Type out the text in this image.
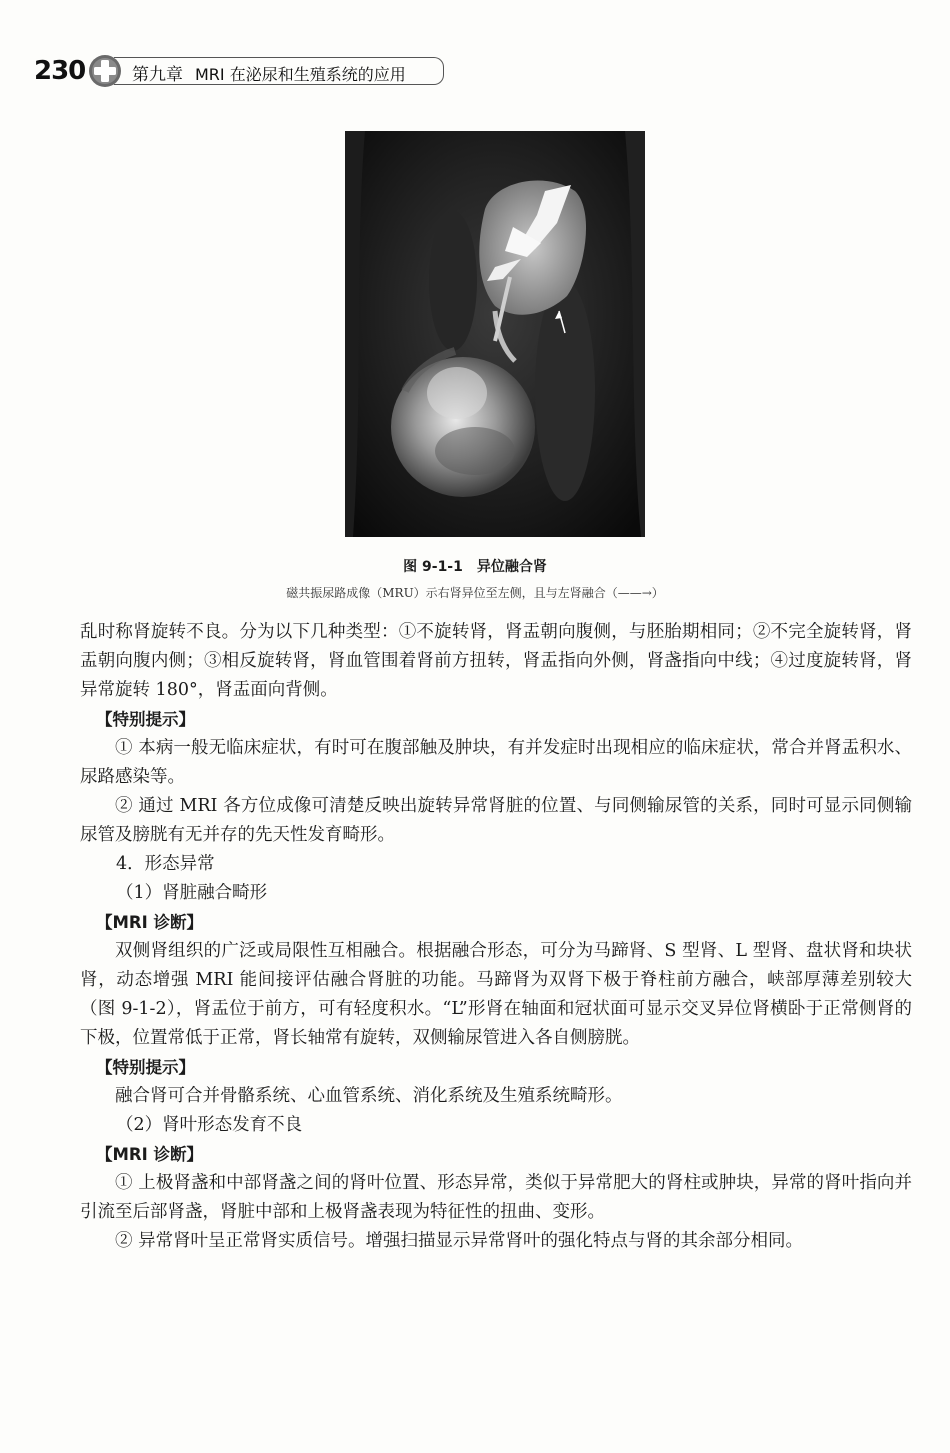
230	第九章 MRI 在泌尿和生殖系统的应用
图 9-1-1 异位融合肾
磁共振尿路成像（MRU）示右肾异位至左侧，且与左肾融合（——→）

乱时称肾旋转不良。分为以下几种类型：①不旋转肾，肾盂朝向腹侧，与胚胎期相同；②不完全旋转肾，肾盂朝向腹内侧；③相反旋转肾，肾血管围着肾前方扭转，肾盂指向外侧，肾盏指向中线；④过度旋转肾，肾异常旋转 180°，肾盂面向背侧。

【特别提示】

① 本病一般无临床症状，有时可在腹部触及肿块，有并发症时出现相应的临床症状，常合并肾盂积水、尿路感染等。

② 通过 MRI 各方位成像可清楚反映出旋转异常肾脏的位置、与同侧输尿管的关系，同时可显示同侧输尿管及膀胱有无并存的先天性发育畸形。

4．形态异常

（1）肾脏融合畸形

【MRI 诊断】

双侧肾组织的广泛或局限性互相融合。根据融合形态，可分为马蹄肾、S 型肾、L 型肾、盘状肾和块状肾，动态增强 MRI 能间接评估融合肾脏的功能。马蹄肾为双肾下极于脊柱前方融合，峡部厚薄差别较大（图 9-1-2），肾盂位于前方，可有轻度积水。“L”形肾在轴面和冠状面可显示交叉异位肾横卧于正常侧肾的下极，位置常低于正常，肾长轴常有旋转，双侧输尿管进入各自侧膀胱。

【特别提示】

融合肾可合并骨骼系统、心血管系统、消化系统及生殖系统畸形。

（2）肾叶形态发育不良

【MRI 诊断】

① 上极肾盏和中部肾盏之间的肾叶位置、形态异常，类似于异常肥大的肾柱或肿块，异常的肾叶指向并引流至后部肾盏，肾脏中部和上极肾盏表现为特征性的扭曲、变形。

② 异常肾叶呈正常肾实质信号。增强扫描显示异常肾叶的强化特点与肾的其余部分相同。
